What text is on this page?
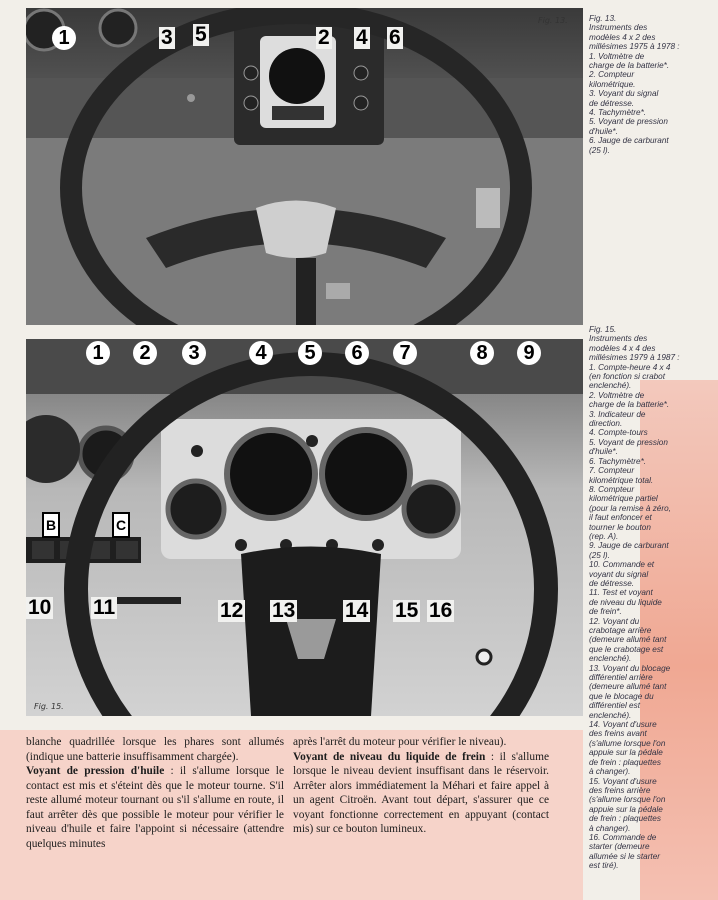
Fig. 13.
1	2
3	4
5	6
Fig. 15.
1	2	3	4	5	6	7	8	9
10 11	12 13 14 15 16
B	C
Fig. 13.
Instruments des
modèles 4 x 2 des
millésimes 1975 à 1978 :
1. Voltmètre de
charge de la batterie*.
2. Compteur
kilométrique.
3. Voyant du signal
de détresse.
4. Tachymètre*.
5. Voyant de pression
d'huile*.
6. Jauge de carburant
(25 l).
Fig. 15.
Instruments des
modèles 4 x 4 des
millésimes 1979 à 1987 :
1. Compte-heure 4 x 4
(en fonction si crabot
enclenché).
2. Voltmètre de
charge de la batterie*.
3. Indicateur de
direction.
4. Compte-tours
5. Voyant de pression
d'huile*.
6. Tachymètre*.
7. Compteur
kilométrique total.
8. Compteur
kilométrique partiel
(pour la remise à zéro,
il faut enfoncer et
tourner le bouton
(rep. A).
9. Jauge de carburant
(25 l).
10. Commande et
voyant du signal
de détresse.
11. Test et voyant
de niveau du liquide
de frein*.
12. Voyant du
crabotage arrière
(demeure allumé tant
que le crabotage est
enclenché).
13. Voyant du blocage
différentiel arrière
(demeure allumé tant
que le blocage du
différentiel est
enclenché).
14. Voyant d'usure
des freins avant
(s'allume lorsque l'on
appuie sur la pédale
de frein : plaquettes
à changer).
15. Voyant d'usure
des freins arrière
(s'allume lorsque l'on
appuie sur la pédale
de frein : plaquettes
à changer).
16. Commande de
starter (demeure
allumée si le starter
est tiré).
blanche quadrillée lorsque les phares sont allumés (indique une batterie insuffisamment chargée).
Voyant de pression d'huile : il s'allume lorsque le contact est mis et s'éteint dès que le moteur tourne. S'il reste allumé moteur tournant ou s'il s'allume en route, il faut arrêter dès que possible le moteur pour vérifier le niveau d'huile et faire l'appoint si nécessaire (attendre quelques minutes
après l'arrêt du moteur pour vérifier le niveau).
Voyant de niveau du liquide de frein : il s'allume lorsque le niveau devient insuffisant dans le réservoir. Arrêter alors immédiatement la Méhari et faire appel à un agent Citroën. Avant tout départ, s'assurer que ce voyant fonctionne correctement en appuyant (contact mis) sur ce bouton lumineux.
